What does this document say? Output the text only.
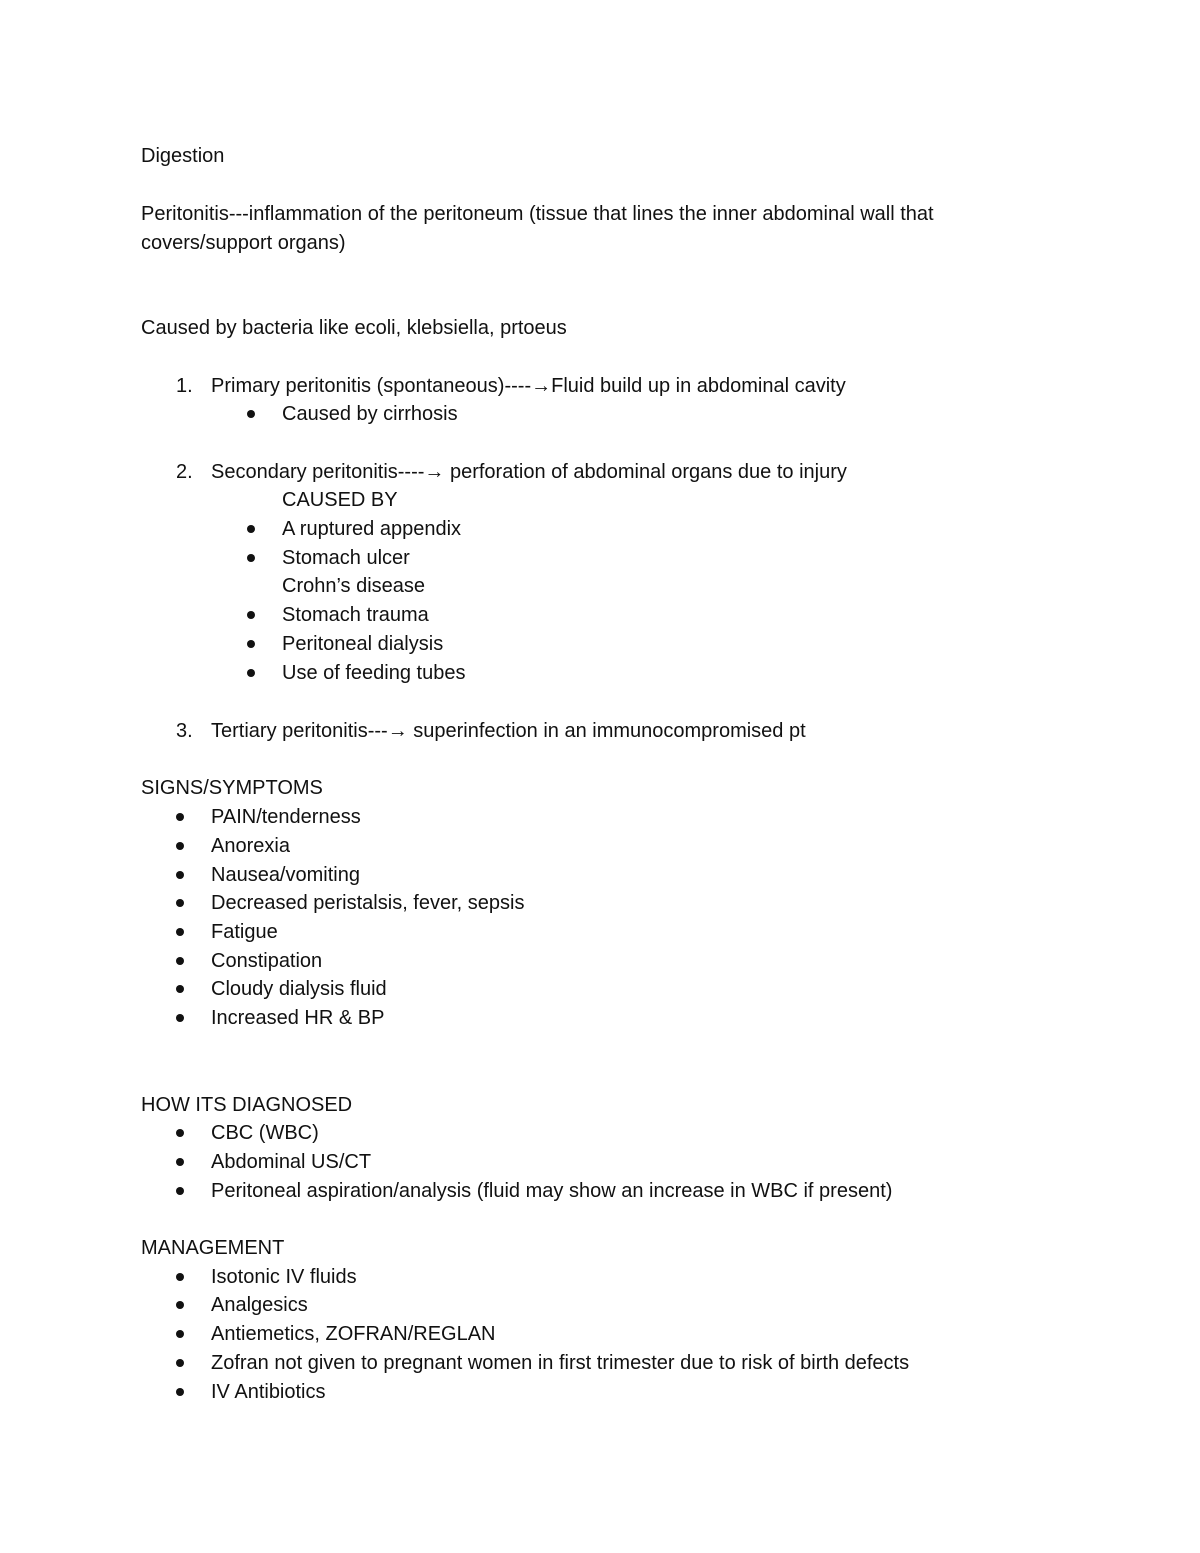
Digestion
Peritonitis---inflammation of the peritoneum (tissue that lines the inner abdominal wall that
covers/support organs)
Caused by bacteria like ecoli, klebsiella, prtoeus
1. Primary peritonitis (spontaneous)----→Fluid build up in abdominal cavity
Caused by cirrhosis
2. Secondary peritonitis----→ perforation of abdominal organs due to injury
CAUSED BY
A ruptured appendix
Stomach ulcer
Crohn’s disease
Stomach trauma
Peritoneal dialysis
Use of feeding tubes
3. Tertiary peritonitis---→ superinfection in an immunocompromised pt
SIGNS/SYMPTOMS
PAIN/tenderness
Anorexia
Nausea/vomiting
Decreased peristalsis, fever, sepsis
Fatigue
Constipation
Cloudy dialysis fluid
Increased HR & BP
HOW ITS DIAGNOSED
CBC (WBC)
Abdominal US/CT
Peritoneal aspiration/analysis (fluid may show an increase in WBC if present)
MANAGEMENT
Isotonic IV fluids
Analgesics
Antiemetics, ZOFRAN/REGLAN
Zofran not given to pregnant women in first trimester due to risk of birth defects
IV Antibiotics
